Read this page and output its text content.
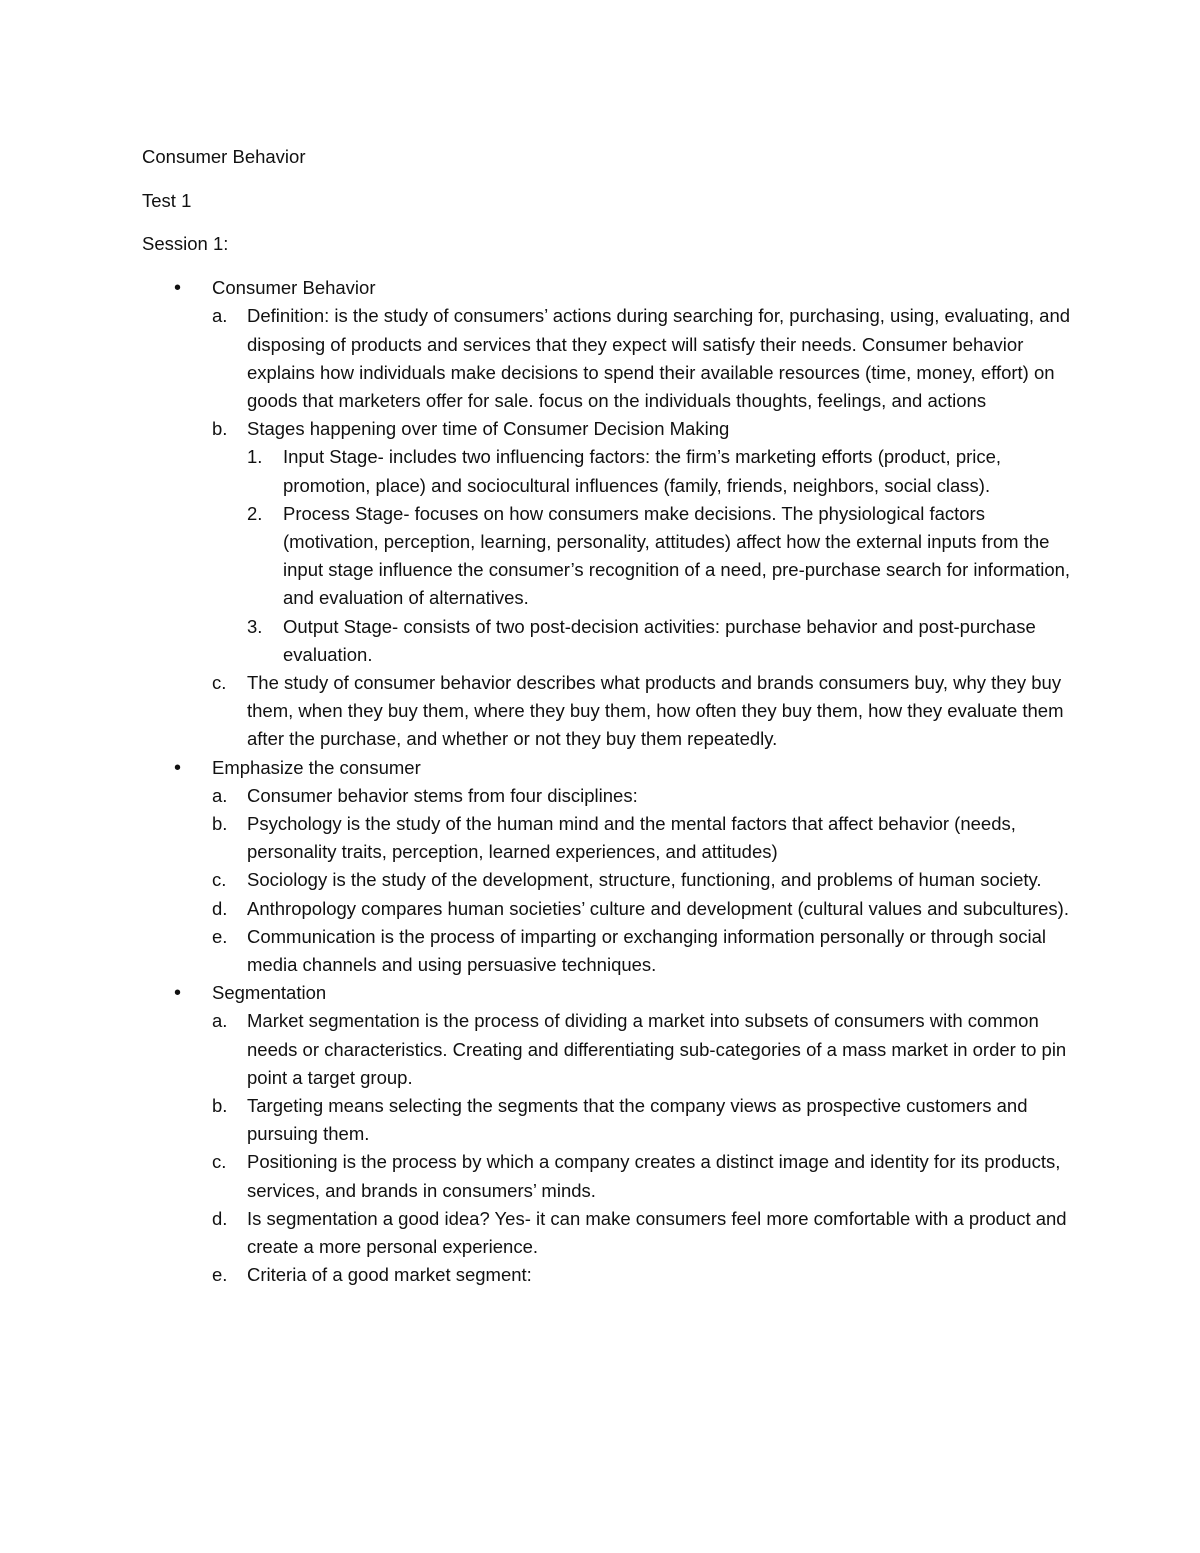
Consumer Behavior

Test 1

Session 1:

• Consumer Behavior
a. Definition: is the study of consumers’ actions during searching for, purchasing, using, evaluating, and disposing of products and services that they expect will satisfy their needs. Consumer behavior explains how individuals make decisions to spend their available resources (time, money, effort) on goods that marketers offer for sale. focus on the individuals thoughts, feelings, and actions
b. Stages happening over time of Consumer Decision Making
1. Input Stage- includes two influencing factors: the firm’s marketing efforts (product, price, promotion, place) and sociocultural influences (family, friends, neighbors, social class).
2. Process Stage- focuses on how consumers make decisions. The physiological factors (motivation, perception, learning, personality, attitudes) affect how the external inputs from the input stage influence the consumer’s recognition of a need, pre-purchase search for information, and evaluation of alternatives.
3. Output Stage- consists of two post-decision activities: purchase behavior and post-purchase evaluation.
c. The study of consumer behavior describes what products and brands consumers buy, why they buy them, when they buy them, where they buy them, how often they buy them, how they evaluate them after the purchase, and whether or not they buy them repeatedly.
• Emphasize the consumer
a. Consumer behavior stems from four disciplines:
b. Psychology is the study of the human mind and the mental factors that affect behavior (needs, personality traits, perception, learned experiences, and attitudes)
c. Sociology is the study of the development, structure, functioning, and problems of human society.
d. Anthropology compares human societies’ culture and development (cultural values and subcultures).
e. Communication is the process of imparting or exchanging information personally or through social media channels and using persuasive techniques.
• Segmentation
a. Market segmentation is the process of dividing a market into subsets of consumers with common needs or characteristics. Creating and differentiating sub-categories of a mass market in order to pin point a target group.
b. Targeting means selecting the segments that the company views as prospective customers and pursuing them.
c. Positioning is the process by which a company creates a distinct image and identity for its products, services, and brands in consumers’ minds.
d. Is segmentation a good idea? Yes- it can make consumers feel more comfortable with a product and create a more personal experience.
e. Criteria of a good market segment:
